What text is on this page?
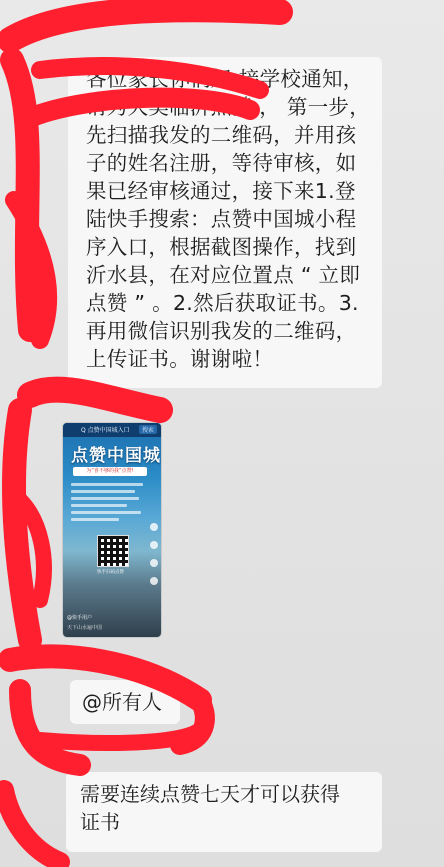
各位家长你们好:接学校通知，
请为大美临沂点赞 ， 第一步，
先扫描我发的二维码，并用孩
子的姓名注册，等待审核，如
果已经审核通过，接下来1.登
陆快手搜索：点赞中国城小程
序入口，根据截图操作，找到
沂水县，在对应位置点 “ 立即
点赞 ” 。2.然后获取证书。3.
再用微信识别我发的二维码，
上传证书。谢谢啦！
Q 点赞中国城入口	搜索
点赞中国城
为“喜不够的我”点赞!
快手扫码点赞
@快手用户
天下山水遍中国
@所有人
需要连续点赞七天才可以获得
证书
